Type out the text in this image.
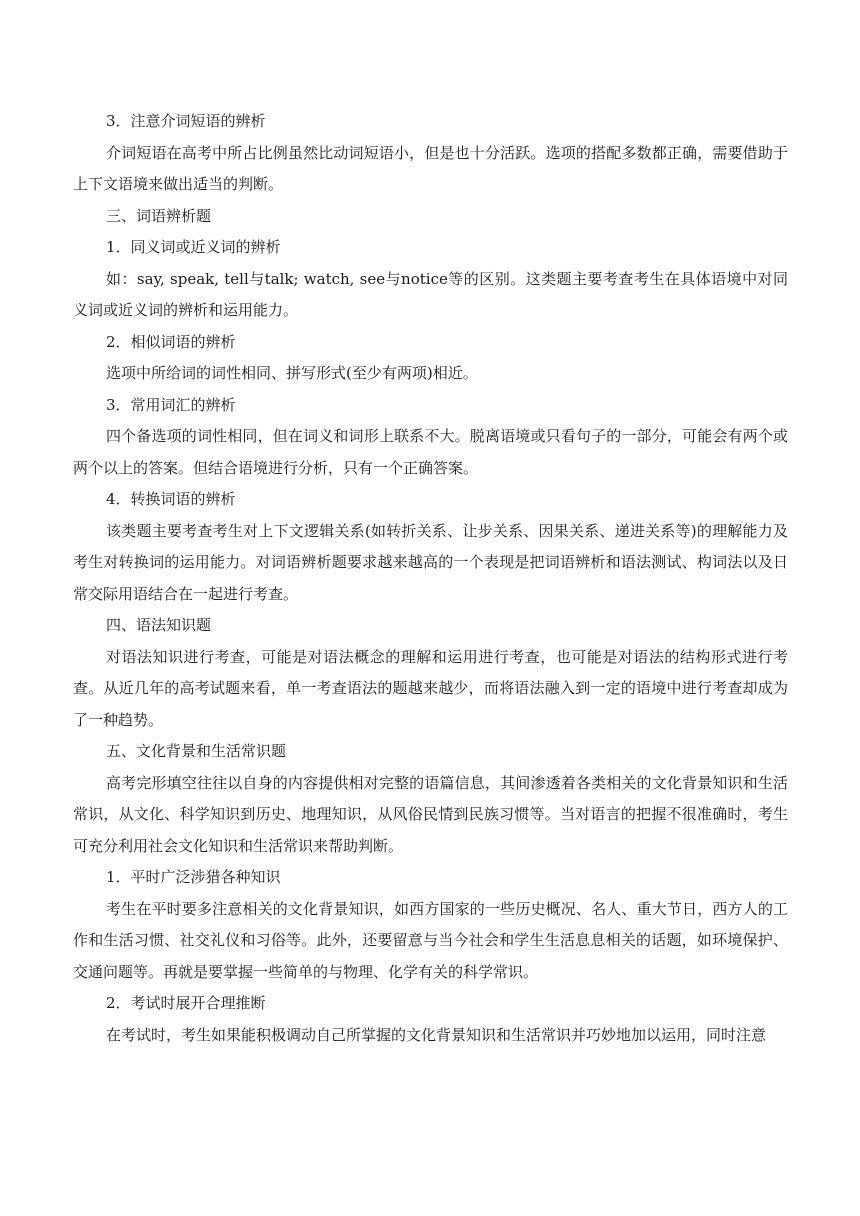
3．注意介词短语的辨析

介词短语在高考中所占比例虽然比动词短语小，但是也十分活跃。选项的搭配多数都正确，需要借助于上下文语境来做出适当的判断。

三、词语辨析题

1．同义词或近义词的辨析

如：say, speak, tell与talk; watch, see与notice等的区别。这类题主要考查考生在具体语境中对同义词或近义词的辨析和运用能力。

2．相似词语的辨析

选项中所给词的词性相同、拼写形式(至少有两项)相近。

3．常用词汇的辨析

四个备选项的词性相同，但在词义和词形上联系不大。脱离语境或只看句子的一部分，可能会有两个或两个以上的答案。但结合语境进行分析，只有一个正确答案。

4．转换词语的辨析

该类题主要考查考生对上下文逻辑关系(如转折关系、让步关系、因果关系、递进关系等)的理解能力及考生对转换词的运用能力。对词语辨析题要求越来越高的一个表现是把词语辨析和语法测试、构词法以及日常交际用语结合在一起进行考查。

四、语法知识题

对语法知识进行考查，可能是对语法概念的理解和运用进行考查，也可能是对语法的结构形式进行考查。从近几年的高考试题来看，单一考查语法的题越来越少，而将语法融入到一定的语境中进行考查却成为了一种趋势。

五、文化背景和生活常识题

高考完形填空往往以自身的内容提供相对完整的语篇信息，其间渗透着各类相关的文化背景知识和生活常识，从文化、科学知识到历史、地理知识，从风俗民情到民族习惯等。当对语言的把握不很准确时，考生可充分利用社会文化知识和生活常识来帮助判断。

1．平时广泛涉猎各种知识

考生在平时要多注意相关的文化背景知识，如西方国家的一些历史概况、名人、重大节日，西方人的工作和生活习惯、社交礼仪和习俗等。此外，还要留意与当今社会和学生生活息息相关的话题，如环境保护、交通问题等。再就是要掌握一些简单的与物理、化学有关的科学常识。

2．考试时展开合理推断

在考试时，考生如果能积极调动自己所掌握的文化背景知识和生活常识并巧妙地加以运用，同时注意
